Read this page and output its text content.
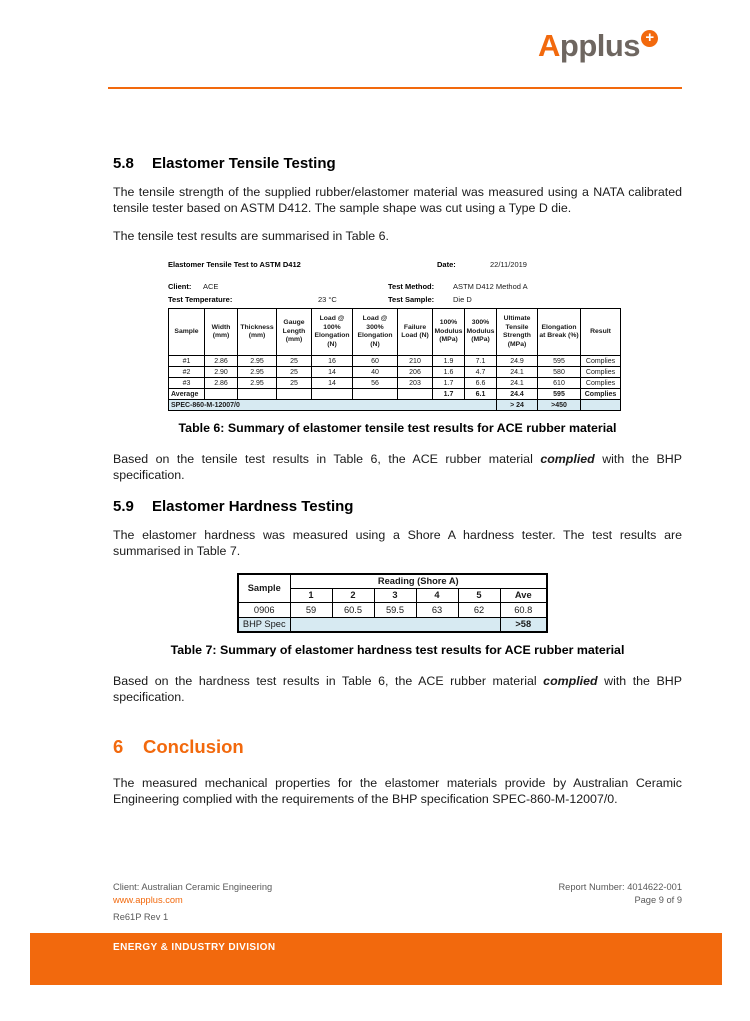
Applus +
5.8	Elastomer Tensile Testing

The tensile strength of the supplied rubber/elastomer material was measured using a NATA calibrated tensile tester based on ASTM D412. The sample shape was cut using a Type D die.

The tensile test results are summarised in Table 6.

Elastomer Tensile Test to ASTM D412	Date:	22/11/2019
Client: ACE	Test Method:	ASTM D412 Method A
Test Temperature:	23 °C	Test Sample:	Die D
Sample	Width (mm)	Thickness (mm)	Gauge Length (mm)	Load @ 100% Elongation (N)	Load @ 300% Elongation (N)	Failure Load (N)	100% Modulus (MPa)	300% Modulus (MPa)	Ultimate Tensile Strength (MPa)	Elongation at Break (%)	Result
#1	2.86	2.95	25	16	60	210	1.9	7.1	24.9	595	Complies
#2	2.90	2.95	25	14	40	206	1.6	4.7	24.1	580	Complies
#3	2.86	2.95	25	14	56	203	1.7	6.6	24.1	610	Complies
Average							1.7	6.1	24.4	595	Complies
SPEC-860-M-12007/0									> 24	>450	
Table 6: Summary of elastomer tensile test results for ACE rubber material

Based on the tensile test results in Table 6, the ACE rubber material complied with the BHP specification.

5.9	Elastomer Hardness Testing

The elastomer hardness was measured using a Shore A hardness tester. The test results are summarised in Table 7.

Sample	Reading (Shore A)					
	1	2	3	4	5	Ave
0906	59	60.5	59.5	63	62	60.8
BHP Spec						>58
Table 7: Summary of elastomer hardness test results for ACE rubber material

Based on the hardness test results in Table 6, the ACE rubber material complied with the BHP specification.

6	Conclusion

The measured mechanical properties for the elastomer materials provide by Australian Ceramic Engineering complied with the requirements of the BHP specification SPEC-860-M-12007/0.

Client: Australian Ceramic Engineering
www.applus.com
Report Number: 4014622-001
Page 9 of 9
Re61P Rev 1
ENERGY & INDUSTRY DIVISION
